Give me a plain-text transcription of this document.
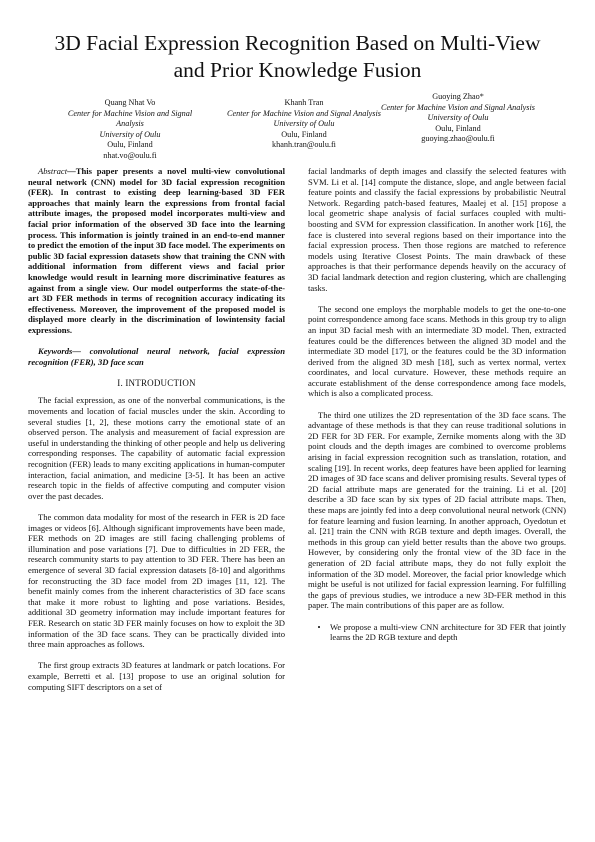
3D Facial Expression Recognition Based on Multi-View and Prior Knowledge Fusion
Quang Nhat Vo
Center for Machine Vision and Signal Analysis
University of Oulu
Oulu, Finland
nhat.vo@oulu.fi
Khanh Tran
Center for Machine Vision and Signal Analysis
University of Oulu
Oulu, Finland
khanh.tran@oulu.fi
Guoying Zhao*
Center for Machine Vision and Signal Analysis
University of Oulu
Oulu, Finland
guoying.zhao@oulu.fi

Abstract—This paper presents a novel multi-view convolutional neural network (CNN) model for 3D facial expression recognition (FER). In contrast to existing deep learning-based 3D FER approaches that mainly learn the expressions from frontal facial attribute images, the proposed model incorporates multi-view and facial prior information of the observed 3D face into the learning process. This information is jointly trained in an end-to-end manner to predict the emotion of the input 3D face model. The experiments on public 3D facial expression datasets show that training the CNN with additional information from different views and facial prior knowledge would result in learning more discriminative features as against from a single view. Our model outperforms the state-of-the-art 3D FER methods in terms of recognition accuracy indicating its effectiveness. Moreover, the improvement of the proposed model is displayed more clearly in the discrimination of lowintensity facial expressions.

Keywords— convolutional neural network, facial expression recognition (FER), 3D face scan

I. INTRODUCTION

The facial expression, as one of the nonverbal communications, is the movements and location of facial muscles under the skin. According to several studies [1, 2], these motions carry the emotional state of an observed person. The analysis and measurement of facial expression are useful in understanding the thinking of other people and help us delivering corresponding responses. The capability of automatic facial expression recognition (FER) leads to many exciting applications in human-computer interaction, facial animation, and medicine [3-5]. It has been an active research topic in the fields of affective computing and computer vision over the past decades.

The common data modality for most of the research in FER is 2D face images or videos [6]. Although significant improvements have been made, FER methods on 2D images are still facing challenging problems of illumination and pose variations [7]. Due to difficulties in 2D FER, the research community starts to pay attention to 3D FER. There has been an emergence of several 3D facial expression datasets [8-10] and algorithms for reconstructing the 3D face model from 2D images [11, 12]. The benefit mainly comes from the inherent characteristics of 3D face scans that make it more robust to lighting and pose variations. Besides, additional 3D geometry information may include important features for FER. Research on static 3D FER mainly focuses on how to exploit the 3D information of the 3D face scans. They can be practically divided into three main approaches as follows.

The first group extracts 3D features at landmark or patch locations. For example, Berretti et al. [13] propose to use an original solution for computing SIFT descriptors on a set of

facial landmarks of depth images and classify the selected features with SVM. Li et al. [14] compute the distance, slope, and angle between facial feature points and classify the facial expressions by probabilistic Neutral Network. Regarding patch-based features, Maalej et al. [15] propose a local geometric shape analysis of facial surfaces coupled with multi-boosting and SVM for expression classification. In another work [16], the face is clustered into several regions based on their importance into the facial expression process. Then those regions are matched to reference models using Iterative Closest Points. The main drawback of these approaches is that their performance depends heavily on the accuracy of 3D facial landmark detection and region clustering, which are challenging tasks.

The second one employs the morphable models to get the one-to-one point correspondence among face scans. Methods in this group try to align an input 3D facial mesh with an intermediate 3D model. Then, extracted features could be the differences between the aligned 3D model and the intermediate 3D model [17], or the features could be the 3D information derived from the aligned 3D mesh [18], such as vertex normal, vertex coordinates, and local curvature. However, these methods require an accurate establishment of the dense correspondence among face models, which is also a complicated process.

The third one utilizes the 2D representation of the 3D face scans. The advantage of these methods is that they can reuse traditional solutions in 2D FER for 3D FER. For example, Zernike moments along with the 3D point clouds and the depth images are combined to overcome problems arising in facial expression recognition such as translation, rotation, and scaling [19]. In recent works, deep features have been applied for learning 2D images of 3D face scans and deliver promising results. Several types of 2D facial attribute maps are generated for the training. Li et al. [20] describe a 3D face scan by six types of 2D facial attribute maps. Then, these maps are jointly fed into a deep convolutional neural network (CNN) for feature learning and fusion learning. In another approach, Oyedotun et al. [21] train the CNN with RGB texture and depth images. Overall, the methods in this group can yield better results than the above two groups. However, by considering only the frontal view of the 3D face in the generation of 2D facial attribute maps, they do not fully exploit the information of the 3D model. Moreover, the facial prior knowledge which might be useful is not utilized for facial expression learning. For fulfilling the gaps of previous studies, we introduce a new 3D-FER method in this paper. The main contributions of this paper are as follow.

•	We propose a multi-view CNN architecture for 3D FER that jointly learns the 2D RGB texture and depth
